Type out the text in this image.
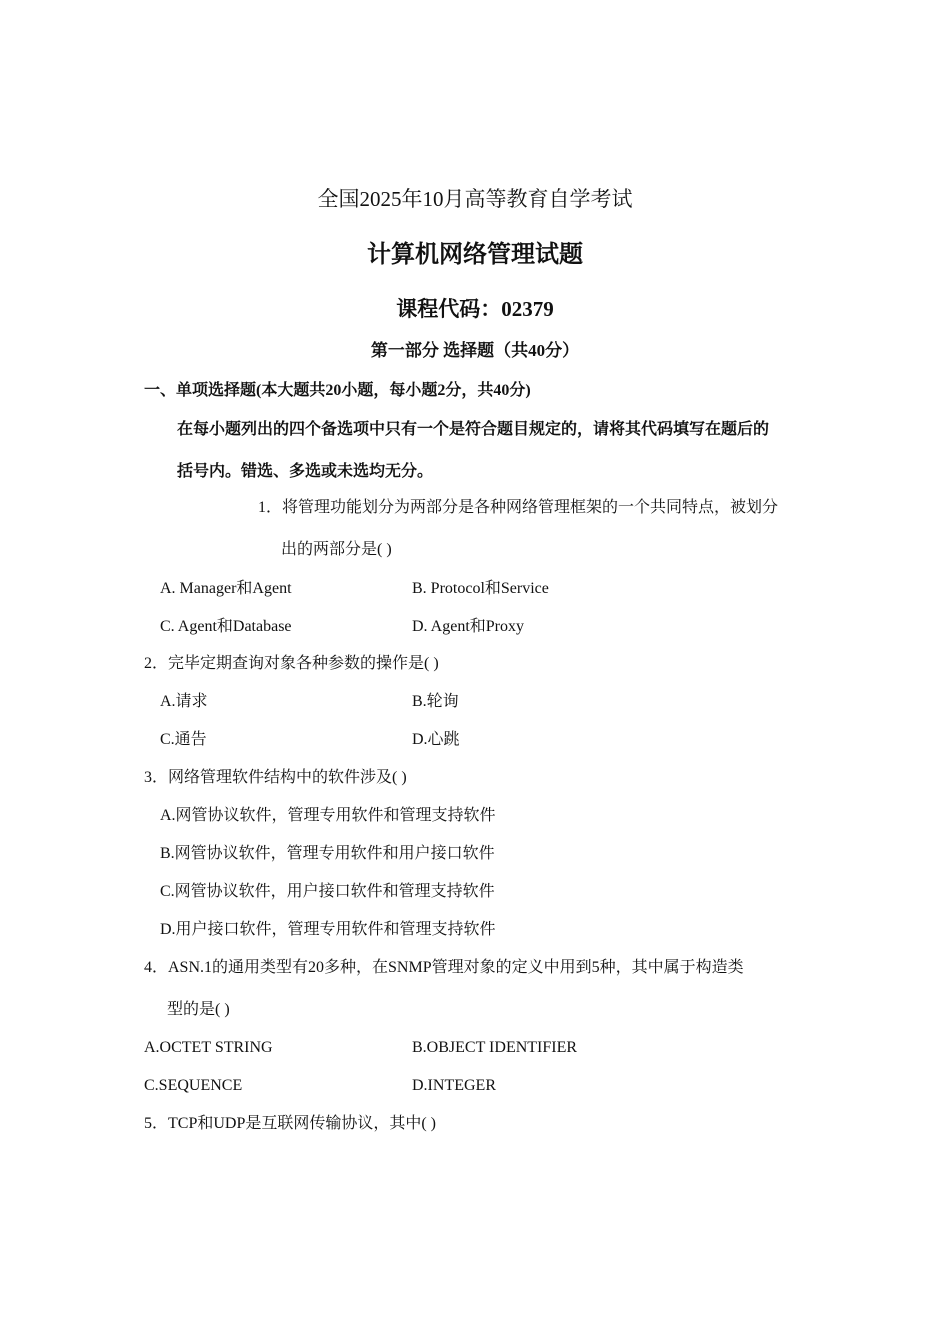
全国2025年10月高等教育自学考试
计算机网络管理试题
课程代码：02379
第一部分 选择题（共40分）
一、单项选择题(本大题共20小题，每小题2分，共40分)
在每小题列出的四个备选项中只有一个是符合题目规定的，请将其代码填写在题后的
括号内。错选、多选或未选均无分。
1．将管理功能划分为两部分是各种网络管理框架的一个共同特点，被划分
出的两部分是( )
A. Manager和Agent	B. Protocol和Service
C. Agent和Database	D. Agent和Proxy
2．完毕定期查询对象各种参数的操作是( )
A.请求	B.轮询
C.通告	D.心跳
3．网络管理软件结构中的软件涉及( )
A.网管协议软件，管理专用软件和管理支持软件
B.网管协议软件，管理专用软件和用户接口软件
C.网管协议软件，用户接口软件和管理支持软件
D.用户接口软件，管理专用软件和管理支持软件
4．ASN.1的通用类型有20多种，在SNMP管理对象的定义中用到5种，其中属于构造类
型的是( )
A.OCTET STRING	B.OBJECT IDENTIFIER
C.SEQUENCE	D.INTEGER
5．TCP和UDP是互联网传输协议，其中( )
